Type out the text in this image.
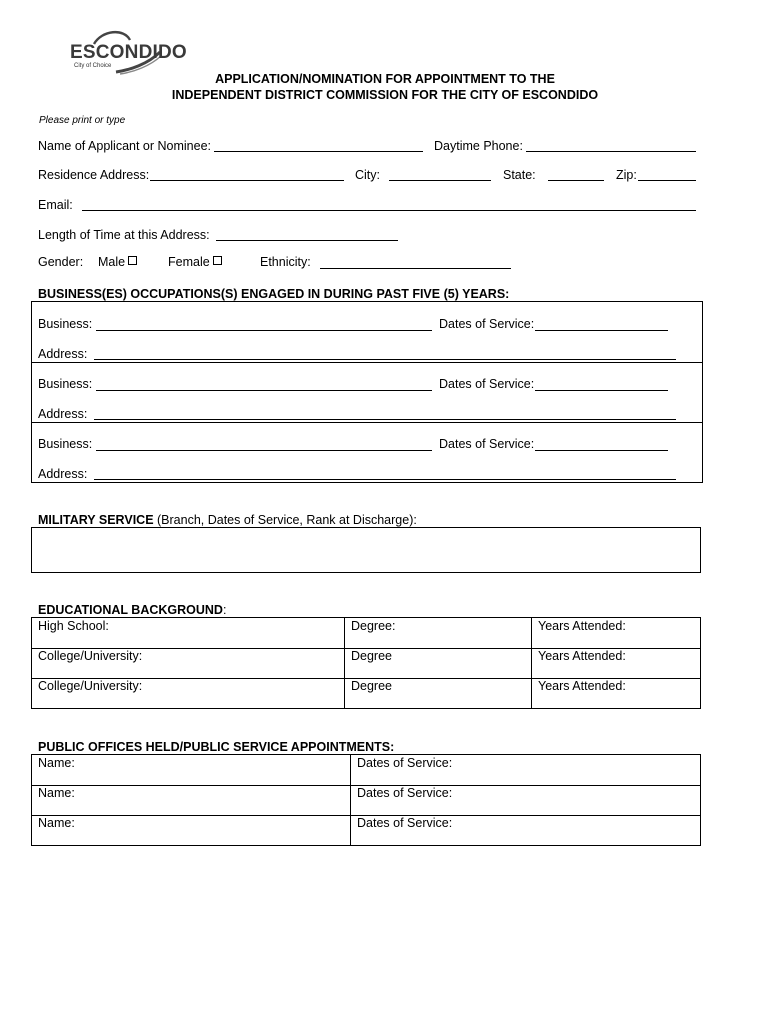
ESCONDIDO
City of Choice
APPLICATION/NOMINATION FOR APPOINTMENT TO THE
INDEPENDENT DISTRICT COMMISSION FOR THE CITY OF ESCONDIDO
Please print or type
Name of Applicant or Nominee:	Daytime Phone:
Residence Address:	City:	State:	Zip:
Email:
Length of Time at this Address:
Gender: Male	Female	Ethnicity:
BUSINESS(ES) OCCUPATIONS(S) ENGAGED IN DURING PAST FIVE (5) YEARS:
Business:	Dates of Service:
Address:
Business:	Dates of Service:
Address:
Business:	Dates of Service:
Address:
MILITARY SERVICE (Branch, Dates of Service, Rank at Discharge):
EDUCATIONAL BACKGROUND:
High School:	Degree:	Years Attended:
College/University:	Degree	Years Attended:
College/University:	Degree	Years Attended:
PUBLIC OFFICES HELD/PUBLIC SERVICE APPOINTMENTS:
Name:	Dates of Service:
Name:	Dates of Service:
Name:	Dates of Service:
